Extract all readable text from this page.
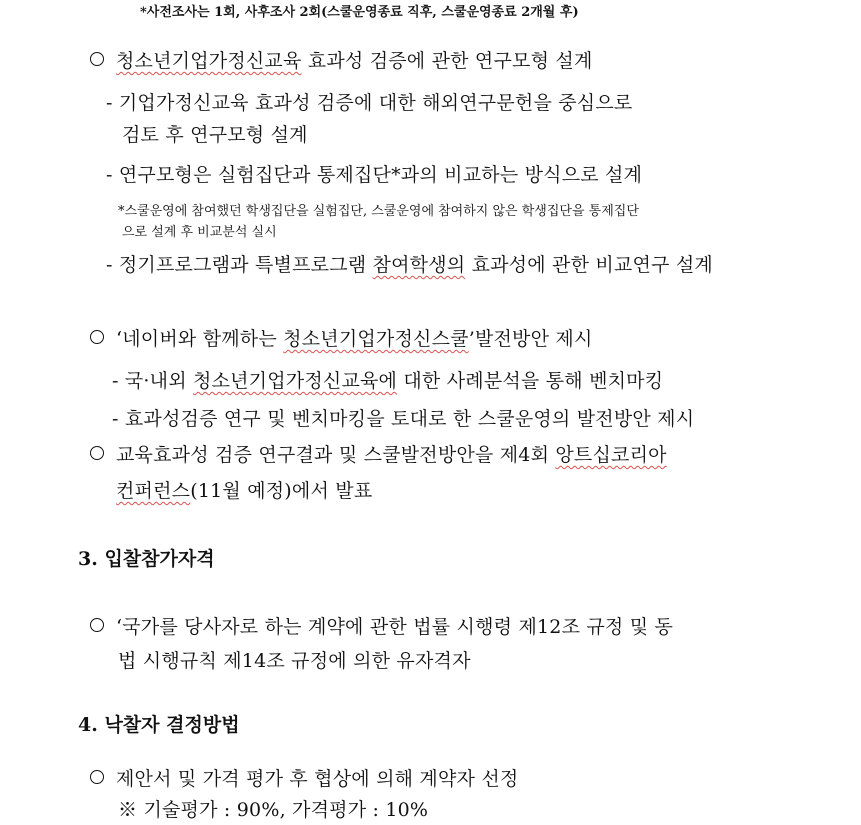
*사전조사는 1회, 사후조사 2회(스쿨운영종료 직후, 스쿨운영종료 2개월 후)
청소년기업가정신교육 효과성 검증에 관한 연구모형 설계
- 기업가정신교육 효과성 검증에 대한 해외연구문헌을 중심으로
검토 후 연구모형 설계
- 연구모형은 실험집단과 통제집단*과의 비교하는 방식으로 설계
*스쿨운영에 참여했던 학생집단을 실험집단, 스쿨운영에 참여하지 않은 학생집단을 통제집단
으로 설계 후 비교분석 실시
- 정기프로그램과 특별프로그램 참여학생의 효과성에 관한 비교연구 설계
‘네이버와 함께하는 청소년기업가정신스쿨’발전방안 제시
- 국·내외 청소년기업가정신교육에 대한 사례분석을 통해 벤치마킹
- 효과성검증 연구 및 벤치마킹을 토대로 한 스쿨운영의 발전방안 제시
교육효과성 검증 연구결과 및 스쿨발전방안을 제4회 앙트십코리아
컨퍼런스(11월 예정)에서 발표
3. 입찰참가자격
‘국가를 당사자로 하는 계약에 관한 법률 시행령 제12조 규정 및 동
법 시행규칙 제14조 규정에 의한 유자격자
4. 낙찰자 결정방법
제안서 및 가격 평가 후 협상에 의해 계약자 선정
※ 기술평가 : 90%, 가격평가 : 10%
